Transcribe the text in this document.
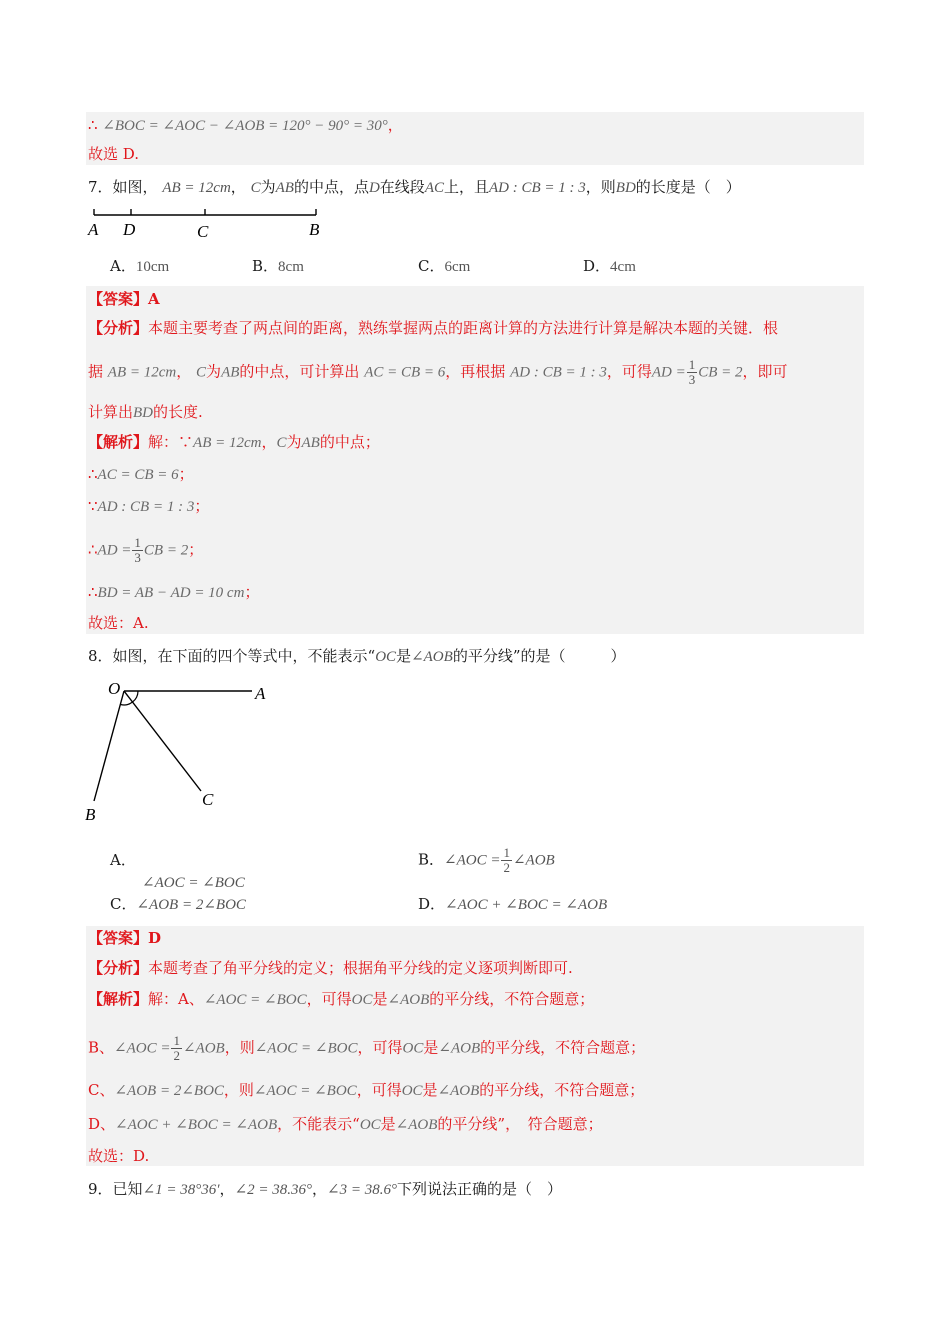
∴ ∠BOC = ∠AOC − ∠AOB = 120° − 90° = 30°，
故选 D.
7．如图， AB = 12cm， C为AB的中点，点D在线段AC上，且AD : CB = 1 : 3，则BD的长度是（　）
A D	C	B
A．10cm	B．8cm	C．6cm	D．4cm
【答案】A
【分析】本题主要考查了两点间的距离，熟练掌握两点的距离计算的方法进行计算是解决本题的关键．根
据 AB = 12cm， C为AB的中点，可计算出 AC = CB = 6，再根据 AD : CB = 1 : 3，可得AD = $\frac{1}{3}$ CB = 2，即可
计算出BD的长度.
【解析】解：∵AB = 12cm，C为AB的中点；
∴AC = CB = 6；
∵AD : CB = 1 : 3；
∴AD = $\frac{1}{3}$ CB = 2；
∴BD = AB − AD = 10 cm；
故选：A.
8．如图，在下面的四个等式中，不能表示“OC是∠AOB的平分线”的是（　　　）
O	A
B
C
A．
∠AOC = ∠BOC
B．∠AOC = $\frac{1}{2}$ ∠AOB
C．∠AOB = 2∠BOC	D．∠AOC + ∠BOC = ∠AOB
【答案】D
【分析】本题考查了角平分线的定义；根据角平分线的定义逐项判断即可.
【解析】解：A、∠AOC = ∠BOC，可得OC是∠AOB的平分线，不符合题意；
B、∠AOC = $\frac{1}{2}$ ∠AOB，则∠AOC = ∠BOC，可得OC是∠AOB的平分线，不符合题意；
C、∠AOB = 2∠BOC，则∠AOC = ∠BOC，可得OC是∠AOB的平分线，不符合题意；
D、∠AOC + ∠BOC = ∠AOB，不能表示“OC是∠AOB的平分线”，　符合题意；
故选：D.
9．已知∠1 = 38°36′，∠2 = 38.36°，∠3 = 38.6°下列说法正确的是（　）
